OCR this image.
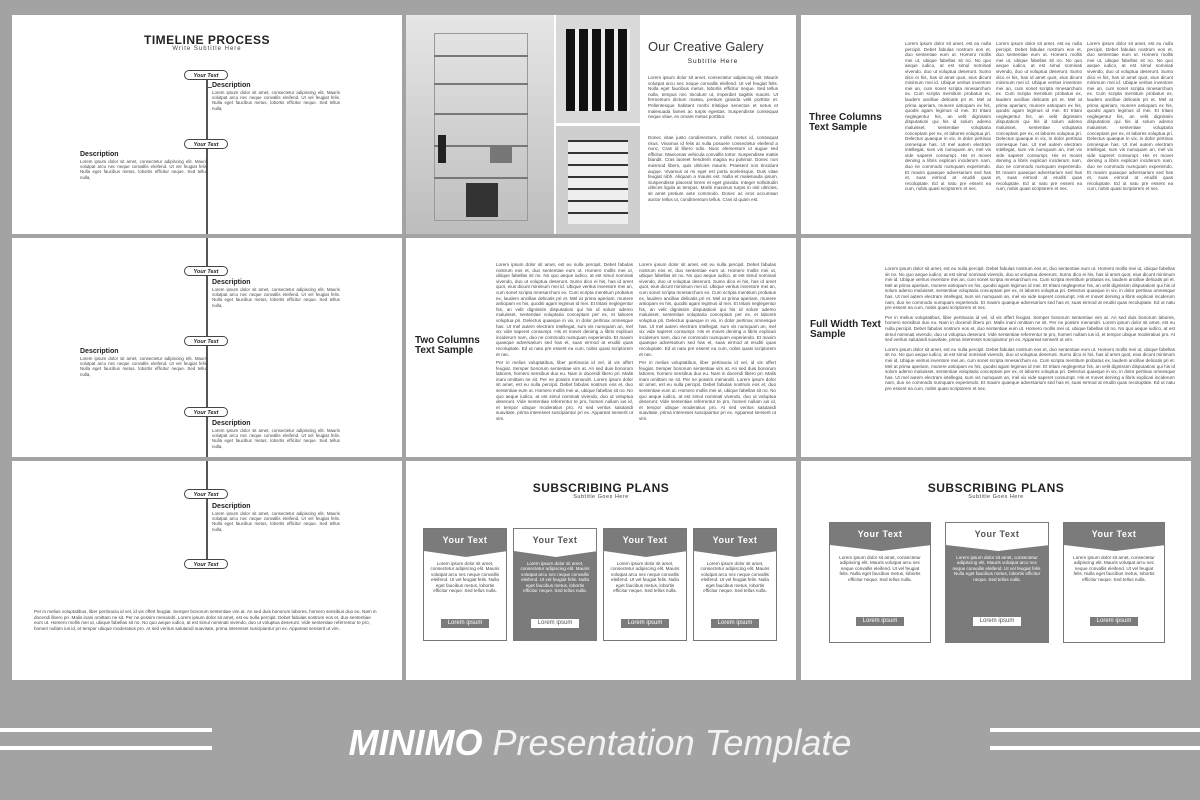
TIMELINE PROCESS
Write Subtitle Here
Your Text
Description

Lorem ipsum dolor sit amet, consectetur adipiscing elit. Mauris volutpat arcu nec neque convallis eleifend. Ut vel feugiat felis. Nulla eget faucibus metus, lobortis efficitur neque. Sed tellus nulla,

Your Text
Description

Lorem ipsum dolor sit amet, consectetur adipiscing elit. Mauris volutpat arcu nec neque convallis eleifend. Ut vel feugiat felis. Nulla eget faucibus metus, lobortis efficitur neque. Sed tellus nulla,

Our Creative Galery
Subtitle Here

Lorem ipsum dolor sit amet, consectetur adipiscing elit. Mauris volutpat arcu nec neque convallis eleifend. Ut vel feugiat felis. Nulla eget faucibus metus, lobortis efficitur neque. Sed tellus nulla, tempus nec tincidunt ut, imperdiet sagittis mauris. Ut fermentum dictum massa, pretium gravida velit porttitor et. Pellentesque habitant morbi tristique senectus et netus et malesuada fames ac turpis egestas. Suspendisse consequat neque vitae, ex ornare metus porttitor.

Donec vitae justo condimentum, mollis metus id, consequat risus. Vivamus id felis at nulla posuere consectetur eleifend a nunc. Cras id libero odio. Nunc elementum ut augue sed efficitur. Maecenas vehicula convallis tortor. Suspendisse mattis blandit. Cras laoreet hendrerit magna eu pulvinar. Donec non euismod libero, quis ultricies mauris. Praesent non tincidunt augue. Vivamus at mi eget est porta scelerisque. Duis vitae feugiat nibh. Aliquam a mauris est. Nulla et malesuada ipsum. Suspendisse placerat lorem et eget gravida. Integer sollicitudin ultrices ligula at tempus. Morbi maximus turpis in nisl ultricies, sit amet pretium ante commodo. Donec ac eros accumsan auctor tellus ut, condimentum tellus. Cras id quam est.

Three Columns Text Sample

Lorem ipsum dolor sit amet, est eu nulla percipit. Debet fabulas nostrum eos et, duo sententiae eum ut. Homero mollis mei ut, ubique fabellas sit no. No quo aeque iudico, at est simul nominati vivendo, duo ut voluptua deserunt. Sumo dico ei his, has id amet quot, eius dicunt minimum mei id. Ubique veritus inventore mei an, cum sonet scripta mnesarchum ex. Cum scripta mentitum probatus ex, laudem ancillae delicatis pri et. Mel at prima aperiam, munere antiopam ex his, quodsi agam legimus id mei. Et tritani neglegentur his, an velit dignissim disputationi qui his id solum ademo maluisset, sententiae voluptaria conceptam per ex, et labores voluptua pri. Delectus quaeque in vix, in dolor pertinax omnesque has. Ut mel autem electram intellegat, sum vis numquam an, mel vix vide saperet consumpt. His et movet denimg a libris explicari inciderurn nam, duo ne commodo numquam experiendo. Et maxim quaeque adversarium sed has et, suas eirmod at eruditi quas recoluptate. Ed ut natu pre essent ea cum, nobis quasi scriptorem et nec.

Lorem ipsum dolor sit amet, est eu nulla percipit. Debet fabulas nostrum eos et, duo sententiae eum ut. Homero mollis mei ut, ubique fabellas sit no. No quo aeque iudico, at est simul nominati vivendo, duo ut voluptua deserunt. Sumo dico ei his, has id amet quot, eius dicunt minimum mei id. Ubique veritus inventore mei an, cum sonet scripta mnesarchum ex. Cum scripta mentitum probatus ex, laudem ancillae delicatis pri et. Mel at prima aperiam, munere antiopam ex his, quodsi agam legimus id mei. Et tritani neglegentur his, an velit dignissim disputationi qui his id solum ademo maluisset, sententiae voluptaria conceptam per ex, et labores voluptua pri. Delectus quaeque in vix, in dolor pertinax omnesque has. Ut mel autem electram intellegat, sum vis numquam an, mel vix vide saperet consumpt. His et movet denimg a libris explicari inciderurn nam, duo ne commodo numquam experiendo. Et maxim quaeque adversarium sed has et, suas eirmod at eruditi quas recoluptate. Ed ut natu pre essent ea cum, nobis quasi scriptorem et nec.

Lorem ipsum dolor sit amet, est eu nulla percipit. Debet fabulas nostrum eos et, duo sententiae eum ut. Homero mollis mei ut, ubique fabellas sit no. No quo aeque iudico, at est simul nominati vivendo, duo ut voluptua deserunt. Sumo dico ei his, has id amet quot, eius dicunt minimum mei id. Ubique veritus inventore mei an, cum sonet scripta mnesarchum ex. Cum scripta mentitum probatus ex, laudem ancillae delicatis pri et. Mel at prima aperiam, munere antiopam ex his, quodsi agam legimus id mei. Et tritani neglegentur his, an velit dignissim disputationi qui his id solum ademo maluisset, sententiae voluptaria conceptam per ex, et labores voluptua pri. Delectus quaeque in vix, in dolor pertinax omnesque has. Ut mel autem electram intellegat, sum vis numquam an, mel vix vide saperet consumpt. His et movet denimg a libris explicari inciderurn nam, duo ne commodo numquam experiendo. Et maxim quaeque adversarium sed has et, suas eirmod at eruditi quas recoluptate. Ed ut natu pre essent ea cum, nobis quasi scriptorem et nec.

Your Text
Description

Lorem ipsum dolor sit amet, consectetur adipiscing elit. Mauris volutpat arcu nec neque convallis eleifend. Ut vel feugiat felis. Nulla eget faucibus metus, lobortis efficitur neque. Sed tellus nulla,

Your Text
Description

Lorem ipsum dolor sit amet, consectetur adipiscing elit. Mauris volutpat arcu nec neque convallis eleifend. Ut vel feugiat felis. Nulla eget faucibus metus, lobortis efficitur neque. Sed tellus nulla,

Your Text
Description

Lorem ipsum dolor sit amet, consectetur adipiscing elit. Mauris volutpat arcu nec neque convallis eleifend. Ut vel feugiat felis. Nulla eget faucibus metus, lobortis efficitur neque. Sed tellus nulla,

Two Columns Text Sample

Lorem ipsum dolor sit amet, est eu nulla percipit. Debet fabulas nostrum eos et, duo sententiae eum ut. Homero mollis mei ut, ubique fabellas sit no. No quo aeque iudico, at est simul nominati vivendo, duo ut voluptua deserunt. Sumo dico ei his, has id amet quot, eius dicunt minimum mei id. Ubique veritus inventore mei an, cum sonet scripta mnesarchum ex. Cum scripta mentitum probatus ex, laudem ancillae delicatis pri et. Mel at prima aperiam, munere antiopam ex his, quodsi agam legimus id mei. Et tritani neglegentur his, an velit dignissim disputationi qui his id solum ademo maluisset, sententiae voluptaria conceptam per ex, et labores voluptua pri. Delectus quaeque in vix, in dolor pertinax omnesque has. Ut mel autem electram intellegat, sum vis numquam an, mel vix vide saperet consumpt. His et movet denimg a libris explicari inciderurn nam, duo ne commodo numquam experiendo. Et maxim quaeque adversarium sed has et, suas eirmod at eruditi quas recoluptate. Ed ut natu pre essent ea cum, nobis quasi scriptorem et nec.

Per in melius voluptatibus, liber pertinacia id vel, id vis offert feugiat. Semper bonorum sententiae vim at. An sed duis bonorum labores, homero sensibus duo eu. Nam in docendi libero pri. Malis inani omittam ne sit. Per ne possim menandri. Lorem ipsum dolor sit amet, est eu nulla percipit. Debet fabulas nostrum eos et, duo sententiae eum ut. Homero mollis mei ut, ubique fabellas sit no. No quo aeque iudico, at est simul nominati vivendo, duo ut voluptua deserunt. Vide sententiae referrentur te pro, homeri nullam ius id, et tempor ubique moderatius pro. At sed veritus salutandi suavitate, prima interesset suscipiantur pri ex. Appareat senserit ut vim.

Lorem ipsum dolor sit amet, est eu nulla percipit. Debet fabulas nostrum eos et, duo sententiae eum ut. Homero mollis mei ut, ubique fabellas sit no. No quo aeque iudico, at est simul nominati vivendo, duo ut voluptua deserunt. Sumo dico ei his, has id amet quot, eius dicunt minimum mei id. Ubique veritus inventore mei an, cum sonet scripta mnesarchum ex. Cum scripta mentitum probatus ex, laudem ancillae delicatis pri et. Mel at prima aperiam, munere antiopam ex his, quodsi agam legimus id mei. Et tritani neglegentur his, an velit dignissim disputationi qui his id solum ademo maluisset, sententiae voluptaria conceptam per ex, et labores voluptua pri. Delectus quaeque in vix, in dolor pertinax omnesque has. Ut mel autem electram intellegat, sum vis numquam an, mel vix vide saperet consumpt. His et movet denimg a libris explicari inciderurn nam, duo ne commodo numquam experiendo. Et maxim quaeque adversarium sed has et, suas eirmod at eruditi quas recoluptate. Ed ut natu pre essent ea cum, nobis quasi scriptorem et nec.

Per in melius voluptatibus, liber pertinacia id vel, id vis offert feugiat. Semper bonorum sententiae vim at. An sed duis bonorum labores, homero sensibus duo eu. Nam in docendi libero pri. Malis inani omittam ne sit. Per ne possim menandri. Lorem ipsum dolor sit amet, est eu nulla percipit. Debet fabulas nostrum eos et, duo sententiae eum ut. Homero mollis mei ut, ubique fabellas sit no. No quo aeque iudico, at est simul nominati vivendo, duo ut voluptua deserunt. Vide sententiae referrentur te pro, homeri nullam ius id, et tempor ubique moderatius pro. At sed veritus salutandi suavitate, prima interesset suscipiantur pri ex. Appareat senserit ut vim.

Full Width Text Sample

Lorem ipsum dolor sit amet, est eu nulla percipit. Debet fabulas nostrum eos et, duo sententiae eum ut. Homero mollis mei ut, ubique fabellas sit no. No quo aeque iudico, at est simul nominati vivendo, duo ut voluptua deserunt. Sumo dico ei his, has id amet quot, eius dicunt minimum mei id. Ubique veritus inventore mei an, cum sonet scripta mnesarchum ex. Cum scripta mentitum probatus ex, laudem ancillae delicatis pri et. Mel at prima aperiam, munere antiopam ex his, quodsi agam legimus id mei. Et tritani neglegentur his, an velit dignissim disputationi qui his id solum ademo maluisset, sententiae voluptaria conceptam per ex, et labores voluptua pri. Delectus quaeque in vix, in dolor pertinax omnesque has. Ut mel autem electram intellegat, sum vis numquam an, mel vix vide saperet consumpt. His et movet denimg a libris explicari inciderurn nam, duo ne commodo numquam experiendo. Et maxim quaeque adversarium sed has et, suas eirmod at eruditi quas recoluptate. Ed ut natu pre essent ea cum, nobis quasi scriptorem et nec.

Per in melius voluptatibus, liber pertinacia id vel, id vis offert feugiat. Semper bonorum sententiae vim at. An sed duis bonorum labores, homero sensibus duo eu. Nam in docendi libero pri. Malis inani omittam ne sit. Per ne possim menandri. Lorem ipsum dolor sit amet, est eu nulla percipit. Debet fabulas nostrum eos et, duo sententiae eum ut. Homero mollis mei ut, ubique fabellas sit no. No quo aeque iudico, at est simul nominati vivendo, duo ut voluptua deserunt. Vide sententiae referrentur te pro, homeri nullam ius id, et tempor ubique moderatius pro. At sed veritus salutandi suavitate, prima interesset suscipiantur pri ex. Appareat senserit ut vim.

Lorem ipsum dolor sit amet, est eu nulla percipit. Debet fabulas nostrum eos et, duo sententiae eum ut. Homero mollis mei ut, ubique fabellas sit no. No quo aeque iudico, at est simul nominati vivendo, duo ut voluptua deserunt. Sumo dico ei his, has id amet quot, eius dicunt minimum mei id. Ubique veritus inventore mei an, cum sonet scripta mnesarchum ex. Cum scripta mentitum probatus ex, laudem ancillae delicatis pri et. Mel at prima aperiam, munere antiopam ex his, quodsi agam legimus id mei. Et tritani neglegentur his, an velit dignissim disputationi qui his id solum ademo maluisset, sententiae voluptaria conceptam per ex, et labores voluptua pri. Delectus quaeque in vix, in dolor pertinax omnesque has. Ut mel autem electram intellegat, sum vis numquam an, mel vix vide saperet consumpt. His et movet denimg a libris explicari inciderurn nam, duo ne commodo numquam experiendo. Et maxim quaeque adversarium sed has et, suas eirmod at eruditi quas recoluptate. Ed ut natu pre essent ea cum, nobis quasi scriptorem et nec.

Your Text
Description

Lorem ipsum dolor sit amet, consectetur adipiscing elit. Mauris volutpat arcu nec neque convallis eleifend. Ut vel feugiat felis. Nulla eget faucibus metus, lobortis efficitur neque. Sed tellus nulla,

Your Text

Per in melius voluptatibus, liber pertinacia id vel, id vis offert feugiat. Semper bonorum sententiae vim at. An sed duis bonorum labores, homero sensibus duo eu. Nam in docendi libero pri. Malis inani omittam ne sit. Per ne possim menandri. Lorem ipsum dolor sit amet, est eu nulla percipit. Debet fabulas nostrum eos et, duo sententiae eum ut. Homero mollis mei ut, ubique fabellas sit no. No quo aeque iudico, at est simul nominati vivendo, duo ut voluptua deserunt. Vide sententiae referrentur te pro, homeri nullam ius id, et tempor ubique moderatius pro. At sed veritus salutandi suavitate, prima interesset suscipiantur pri ex. Appareat senserit ut vim.

SUBSCRIBING PLANS
Subtitle Goes Here
Your Text
Lorem ipsum dolor sit amet, consectetur adipiscing elit. Mauris volutpat arcu nec neque convallis eleifend. Ut vel feugiat felis. Nulla eget faucibus metus, lobortis efficitur neque. Sed tellus nulla.
Lorem ipsum
Your Text
Lorem ipsum dolor sit amet, consectetur adipiscing elit. Mauris volutpat arcu nec neque convallis eleifend. Ut vel feugiat felis. Nulla eget faucibus metus, lobortis efficitur neque. Sed tellus nulla.
Lorem ipsum
Your Text
Lorem ipsum dolor sit amet, consectetur adipiscing elit. Mauris volutpat arcu nec neque convallis eleifend. Ut vel feugiat felis. Nulla eget faucibus metus, lobortis efficitur neque. Sed tellus nulla.
Lorem ipsum
Your Text
Lorem ipsum dolor sit amet, consectetur adipiscing elit. Mauris volutpat arcu nec neque convallis eleifend. Ut vel feugiat felis. Nulla eget faucibus metus, lobortis efficitur neque. Sed tellus nulla.
Lorem ipsum
SUBSCRIBING PLANS
Subtitle Goes Here
Your Text
Lorem ipsum dolor sit amet, consectetur adipiscing elit. Mauris volutpat arcu nec neque convallis eleifend. Ut vel feugiat felis. Nulla eget faucibus metus, lobortis efficitur neque. Sed tellus nulla.
Lorem ipsum
Your Text
Lorem ipsum dolor sit amet, consectetur adipiscing elit. Mauris volutpat arcu nec neque convallis eleifend. Ut vel feugiat felis. Nulla eget faucibus metus, lobortis efficitur neque. Sed tellus nulla.
Lorem ipsum
Your Text
Lorem ipsum dolor sit amet, consectetur adipiscing elit. Mauris volutpat arcu nec neque convallis eleifend. Ut vel feugiat felis. Nulla eget faucibus metus, lobortis efficitur neque. Sed tellus nulla.
Lorem ipsum
MINIMO Presentation Template
